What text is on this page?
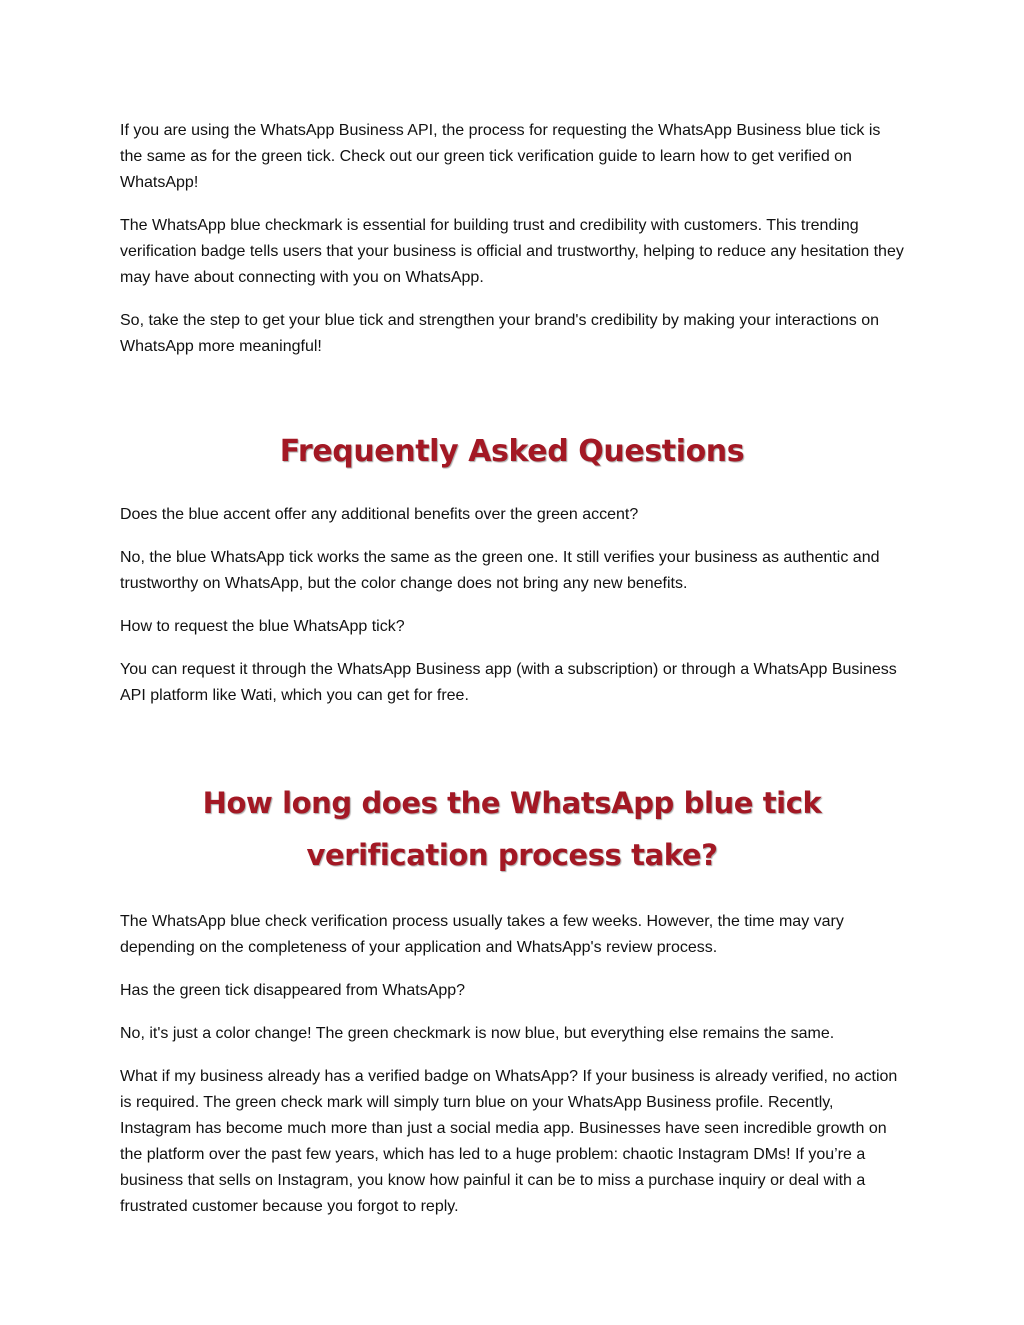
If you are using the WhatsApp Business API, the process for requesting the WhatsApp Business blue tick is the same as for the green tick. Check out our green tick verification guide to learn how to get verified on WhatsApp!

The WhatsApp blue checkmark is essential for building trust and credibility with customers. This trending verification badge tells users that your business is official and trustworthy, helping to reduce any hesitation they may have about connecting with you on WhatsApp.

So, take the step to get your blue tick and strengthen your brand's credibility by making your interactions on WhatsApp more meaningful!

Frequently Asked Questions

Does the blue accent offer any additional benefits over the green accent?

No, the blue WhatsApp tick works the same as the green one. It still verifies your business as authentic and trustworthy on WhatsApp, but the color change does not bring any new benefits.

How to request the blue WhatsApp tick?

You can request it through the WhatsApp Business app (with a subscription) or through a WhatsApp Business API platform like Wati, which you can get for free.

How long does the WhatsApp blue tick verification process take?

The WhatsApp blue check verification process usually takes a few weeks. However, the time may vary depending on the completeness of your application and WhatsApp's review process.

Has the green tick disappeared from WhatsApp?

No, it's just a color change! The green checkmark is now blue, but everything else remains the same.

What if my business already has a verified badge on WhatsApp? If your business is already verified, no action is required. The green check mark will simply turn blue on your WhatsApp Business profile. Recently, Instagram has become much more than just a social media app. Businesses have seen incredible growth on the platform over the past few years, which has led to a huge problem: chaotic Instagram DMs! If you’re a business that sells on Instagram, you know how painful it can be to miss a purchase inquiry or deal with a frustrated customer because you forgot to reply.
